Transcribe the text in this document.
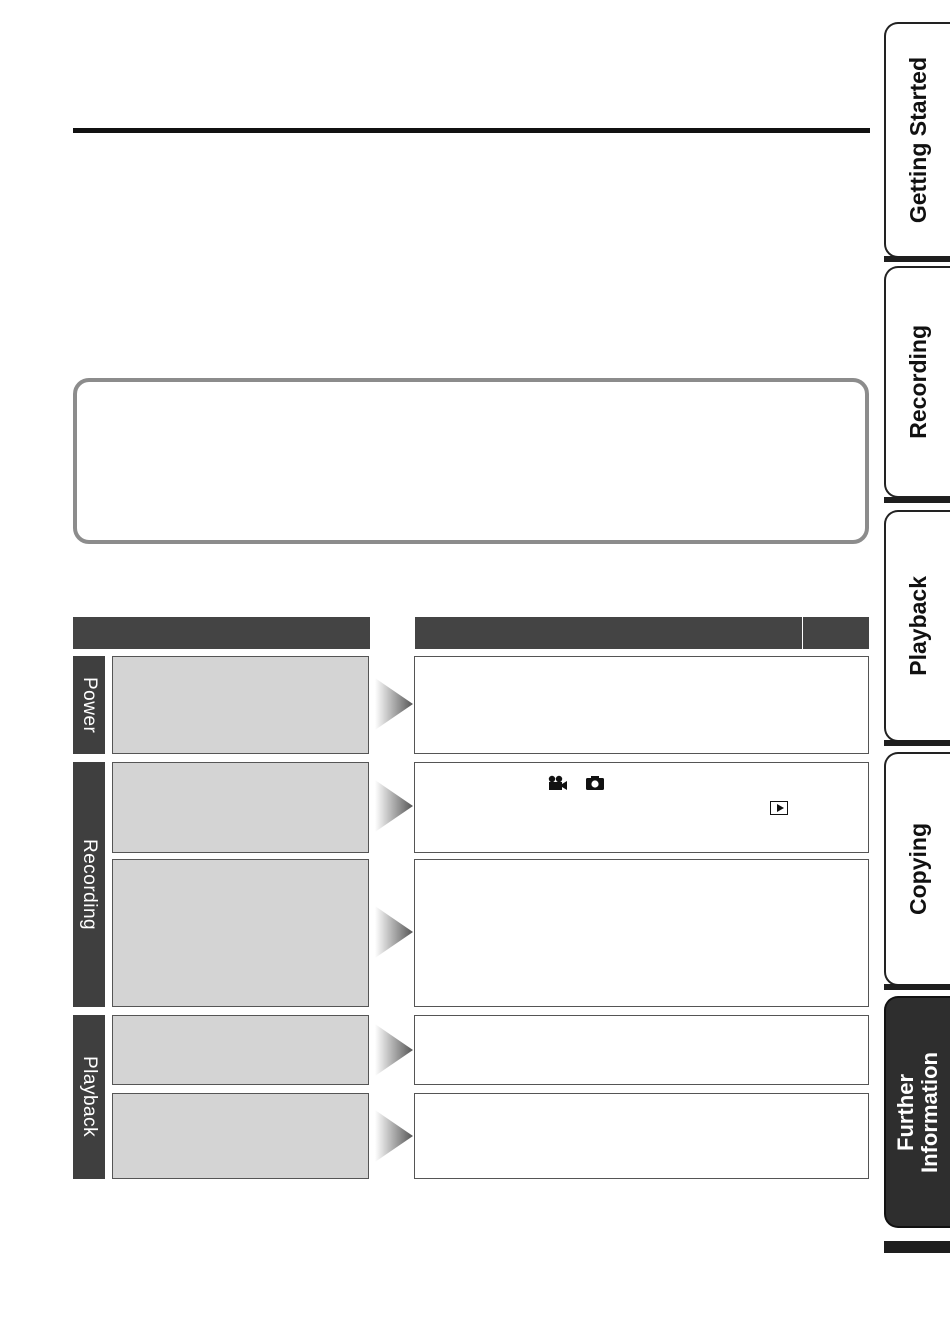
Power
Recording
Playback
Getting Started
Recording
Playback
Copying
Further
Information
